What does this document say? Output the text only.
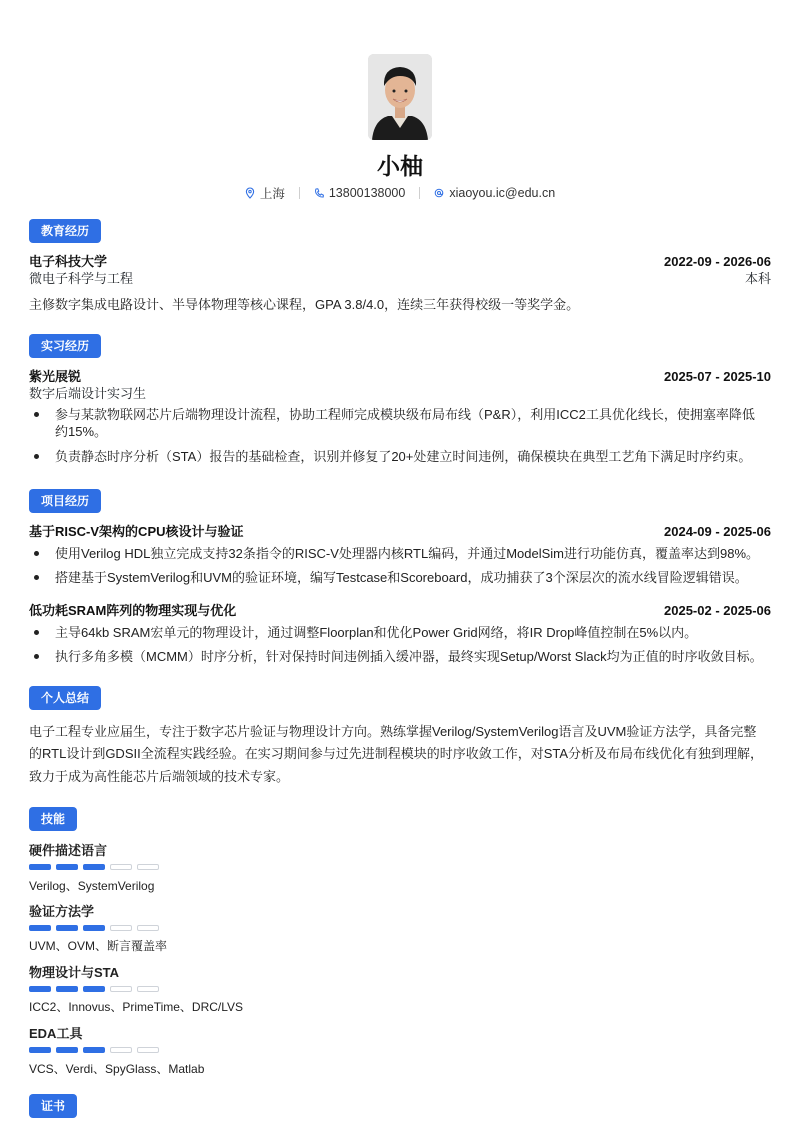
小柚
上海	13800138000	xiaoyou.ic@edu.cn
教育经历
电子科技大学	2022-09 - 2026-06
微电子科学与工程	本科
主修数字集成电路设计、半导体物理等核心课程，GPA 3.8/4.0，连续三年获得校级一等奖学金。
实习经历
紫光展锐	2025-07 - 2025-10
数字后端设计实习生
参与某款物联网芯片后端物理设计流程，协助工程师完成模块级布局布线（P&R），利用ICC2工具优化线长，使拥塞率降低
约15%。
负责静态时序分析（STA）报告的基础检查，识别并修复了20+处建立时间违例，确保模块在典型工艺角下满足时序约束。
项目经历
基于RISC-V架构的CPU核设计与验证	2024-09 - 2025-06
使用Verilog HDL独立完成支持32条指令的RISC-V处理器内核RTL编码，并通过ModelSim进行功能仿真，覆盖率达到98%。
搭建基于SystemVerilog和UVM的验证环境，编写Testcase和Scoreboard，成功捕获了3个深层次的流水线冒险逻辑错误。
低功耗SRAM阵列的物理实现与优化	2025-02 - 2025-06
主导64kb SRAM宏单元的物理设计，通过调整Floorplan和优化Power Grid网络，将IR Drop峰值控制在5%以内。
执行多角多模（MCMM）时序分析，针对保持时间违例插入缓冲器，最终实现Setup/Worst Slack均为正值的时序收敛目标。
个人总结
电子工程专业应届生，专注于数字芯片验证与物理设计方向。熟练掌握Verilog/SystemVerilog语言及UVM验证方法学，具备完整
的RTL设计到GDSII全流程实践经验。在实习期间参与过先进制程模块的时序收敛工作，对STA分析及布局布线优化有独到理解，
致力于成为高性能芯片后端领域的技术专家。
技能
硬件描述语言
Verilog、SystemVerilog
验证方法学
UVM、OVM、断言覆盖率
物理设计与STA
ICC2、Innovus、PrimeTime、DRC/LVS
EDA工具
VCS、Verdi、SpyGlass、Matlab
证书
